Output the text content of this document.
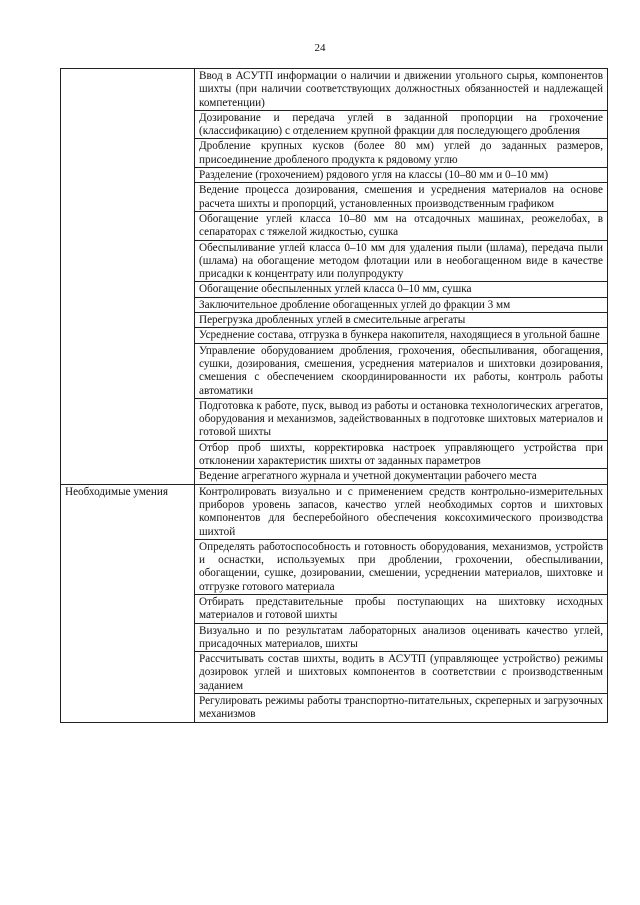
24
	Ввод в АСУТП информации о наличии и движении угольного сырья, компонентов шихты (при наличии соответствующих должностных обязанностей и надлежащей компетенции)
	Дозирование и передача углей в заданной пропорции на грохочение (классификацию) с отделением крупной фракции для последующего дробления
	Дробление крупных кусков (более 80 мм) углей до заданных размеров, присоединение дробленого продукта к рядовому углю
	Разделение (грохочением) рядового угля на классы (10–80 мм и 0–10 мм)
	Ведение процесса дозирования, смешения и усреднения материалов на основе расчета шихты и пропорций, установленных производственным графиком
	Обогащение углей класса 10–80 мм на отсадочных машинах, реожелобах, в сепараторах с тяжелой жидкостью, сушка
	Обеспыливание углей класса 0–10 мм для удаления пыли (шлама), передача пыли (шлама) на обогащение методом флотации или в необогащенном виде в качестве присадки к концентрату или полупродукту
	Обогащение обеспыленных углей класса 0–10 мм, сушка
	Заключительное дробление обогащенных углей до фракции 3 мм
	Перегрузка дробленных углей в смесительные агрегаты
	Усреднение состава, отгрузка в бункера накопителя, находящиеся в угольной башне
	Управление оборудованием дробления, грохочения, обеспыливания, обогащения, сушки, дозирования, смешения, усреднения материалов и шихтовки дозирования, смешения с обеспечением скоординированности их работы, контроль работы автоматики
	Подготовка к работе, пуск, вывод из работы и остановка технологических агрегатов, оборудования и механизмов, задействованных в подготовке шихтовых материалов и готовой шихты
	Отбор проб шихты, корректировка настроек управляющего устройства при отклонении характеристик шихты от заданных параметров
	Ведение агрегатного журнала и учетной документации рабочего места
Необходимые умения	Контролировать визуально и с применением средств контрольно-измерительных приборов уровень запасов, качество углей необходимых сортов и шихтовых компонентов для бесперебойного обеспечения коксохимического производства шихтой
	Определять работоспособность и готовность оборудования, механизмов, устройств и оснастки, используемых при дроблении, грохочении, обеспыливании, обогащении, сушке, дозировании, смешении, усреднении материалов, шихтовке и отгрузке готового материала
	Отбирать представительные пробы поступающих на шихтовку исходных материалов и готовой шихты
	Визуально и по результатам лабораторных анализов оценивать качество углей, присадочных материалов, шихты
	Рассчитывать состав шихты, водить в АСУТП (управляющее устройство) режимы дозировок углей и шихтовых компонентов в соответствии с производственным заданием
	Регулировать режимы работы транспортно-питательных, скреперных и загрузочных механизмов
